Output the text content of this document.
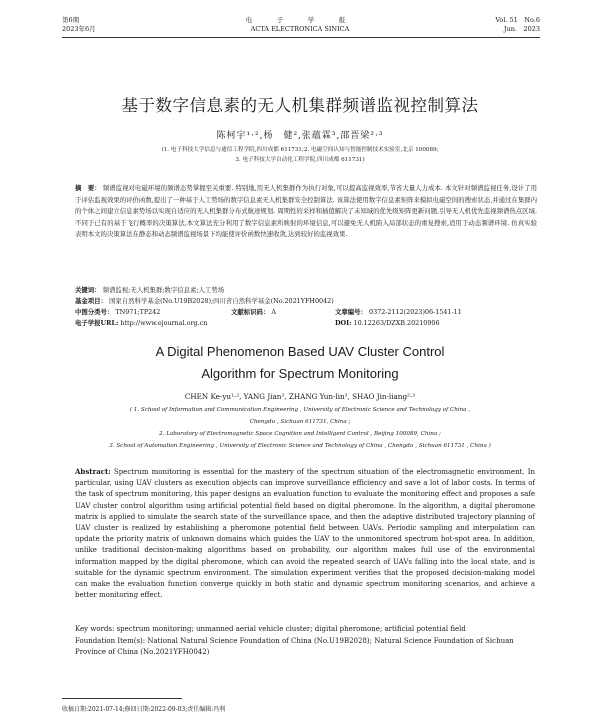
第6期
2023年6月
电　子　学　报
ACTA ELECTRONICA SINICA
Vol. 51　No.6
Jun.　2023
基于数字信息素的无人机集群频谱监视控制算法
陈柯宇¹·²,杨　健²,张蕴霖³,邵晋梁²·³
(1. 电子科技大学信息与通信工程学院,四川成都 611731;2. 电磁空间认知与智能控制技术实验室,北京 100089;
3. 电子科技大学自动化工程学院,四川成都 611731)
摘　要： 频谱监视对电磁环境的频谱态势掌握至关重要. 特别地,用无人机集群作为执行对象,可以提高监视效率,节省大量人力成本. 本文针对频谱监视任务,设计了用于评估监视效果的评价函数,提出了一种基于人工势场的数字信息素无人机集群安全控制算法. 该算法使用数字信息素矩阵来模拟电磁空间的搜索状态,并通过在集群内的个体之间建立信息素势场以实现自适应的无人机集群分布式航迹规划. 周期性的采样和插值解决了未知域的优先级矩阵更新问题,引导无人机优先监视频谱热点区域. 不同于已有的基于飞行概率的决策算法,本文算法充分利用了数字信息素所映射的环境信息,可以避免无人机陷入局部状态的重复搜索,适用于动态频谱环境. 仿真实验表明本文的决策算法在静态和动态频谱监视场景下均能使评价函数快速收敛,达到较好的监视效果.
关键词： 频谱监视;无人机集群;数字信息素;人工势场
基金项目： 国家自然科学基金(No.U19B2028);四川省自然科学基金(No.2021YFH0042)
中图分类号： TN971;TP242	文献标识码： A	文章编号： 0372-2112(2023)06-1541-11
电子学报URL: http://www.ejournal.org.cn	DOI: 10.12263/DZXB.20210906
A Digital Phenomenon Based UAV Cluster Control
Algorithm for Spectrum Monitoring
CHEN Ke-yu¹·², YANG Jian², ZHANG Yun-lin³, SHAO Jin-liang²·³
( 1. School of Information and Communication Engineering , University of Electronic Science and Technology of China ,
Chengdu , Sichuan 611731, China ;
2. Laboratory of Electromagnetic Space Cognition and Intelligent Control , Beijing 100089, China ;
3. School of Automation Engineering , University of Electronic Science and Technology of China , Chengdu , Sichuan 611731 , China )
Abstract: Spectrum monitoring is essential for the mastery of the spectrum situation of the electromagnetic environment. In particular, using UAV clusters as execution objects can improve surveillance efficiency and save a lot of labor costs. In terms of the task of spectrum monitoring, this paper designs an evaluation function to evaluate the monitoring effect and proposes a safe UAV cluster control algorithm using artificial potential field based on digital pheromone. In the algorithm, a digital pheromone matrix is applied to simulate the search state of the surveillance space, and then the adaptive distributed trajectory planning of UAV cluster is realized by establishing a pheromone potential field between UAVs. Periodic sampling and interpolation can update the priority matrix of unknown domains which guides the UAV to the unmonitored spectrum hot-spot area. In addition, unlike traditional decision-making algorithms based on probability, our algorithm makes full use of the environmental information mapped by the digital pheromone, which can avoid the repeated search of UAVs falling into the local state, and is suitable for the dynamic spectrum environment. The simulation experiment verifies that the proposed decision-making model can make the evaluation function converge quickly in both static and dynamic spectrum monitoring scenarios, and achieve a better monitoring effect.
Key words: spectrum monitoring; unmanned aerial vehicle cluster; digital pheromone; artificial potential field
Foundation Item(s): National Natural Science Foundation of China (No.U19B2028); Natural Science Foundation of Sichuan Province of China (No.2021YFH0042)
收稿日期:2021-07-14;修回日期:2022-09-03;责任编辑:冯利
